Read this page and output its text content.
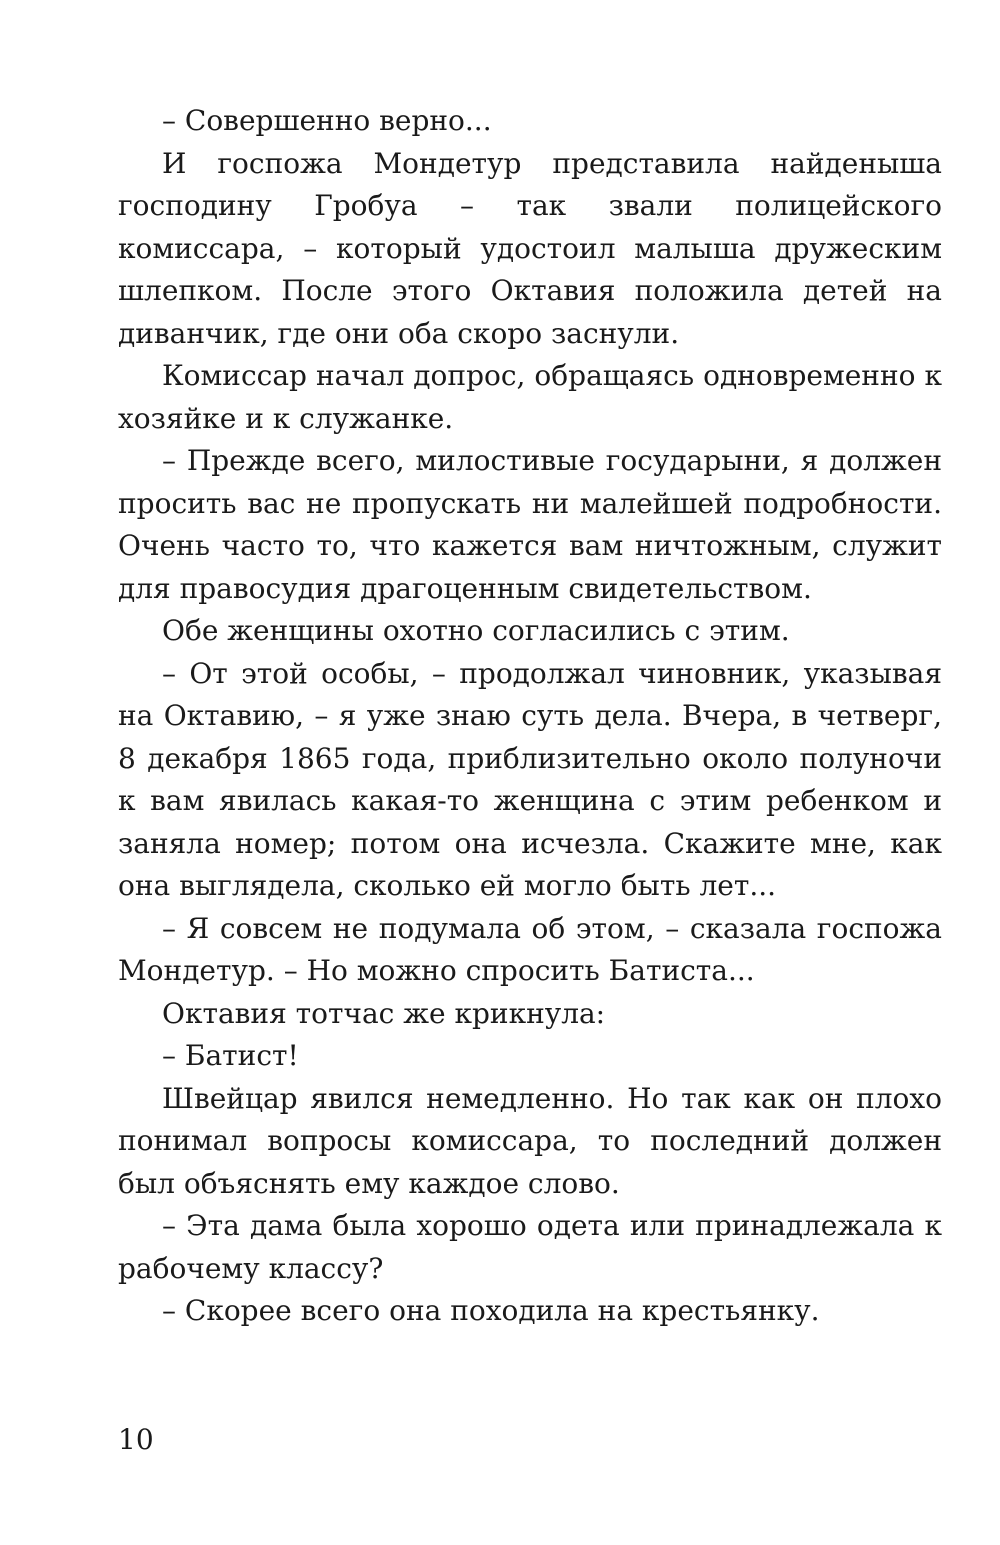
– Совершенно верно...

И госпожа Мондетур представила найденыша господину Гробуа – так звали полицейского комиссара, – который удостоил малыша дружеским шлепком. После этого Октавия положила детей на диванчик, где они оба скоро заснули.

Комиссар начал допрос, обращаясь одновременно к хозяйке и к служанке.

– Прежде всего, милостивые государыни, я должен просить вас не пропускать ни малейшей подробности. Очень часто то, что кажется вам ничтожным, служит для правосудия драгоценным свидетельством.

Обе женщины охотно согласились с этим.

– От этой особы, – продолжал чиновник, указывая на Октавию, – я уже знаю суть дела. Вчера, в четверг, 8 декабря 1865 года, приблизительно около полуночи к вам явилась какая-то женщина с этим ребенком и заняла номер; потом она исчезла. Скажите мне, как она выглядела, сколько ей могло быть лет...

– Я совсем не подумала об этом, – сказала госпожа Мондетур. – Но можно спросить Батиста...

Октавия тотчас же крикнула:

– Батист!

Швейцар явился немедленно. Но так как он плохо понимал вопросы комиссара, то последний должен был объяснять ему каждое слово.

– Эта дама была хорошо одета или принадлежала к рабочему классу?

– Скорее всего она походила на крестьянку.

10
